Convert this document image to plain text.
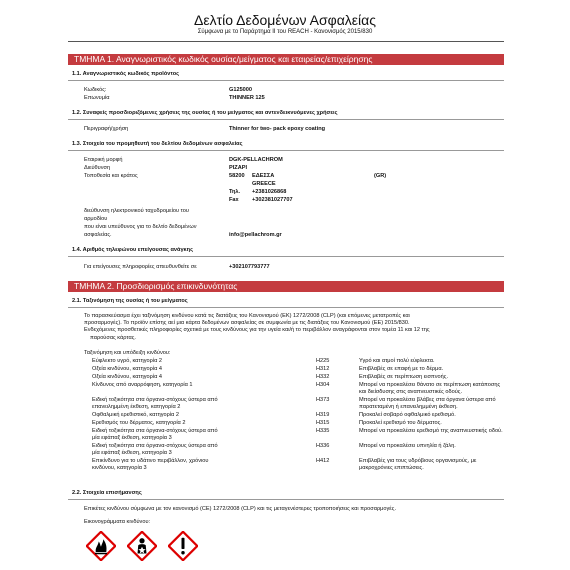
Δελτίο Δεδομένων Ασφαλείας
Σύμφωνα με το Παράρτημα II του REACH - Κανονισμός 2015/830
ΤΜΗΜΑ 1. Αναγνωριστικός κωδικός ουσίας/μείγματος και εταιρείας/επιχείρησης
1.1. Αναγνωριστικός κωδικός προϊόντος
Κωδικός:	G125000
Επωνυμία	THINNER 125
1.2. Συναφείς προσδιοριζόμενες χρήσεις της ουσίας ή του μείγματος και αντενδεικνυόμενες χρήσεις
Περιγραφή/χρήση	Thinner for two- pack epoxy coating
1.3. Στοιχεία του προμηθευτή του δελτίου δεδομένων ασφαλείας
Εταιρική μορφή	DGK-PELLACHROM
Διεύθυνση	PIZAPI
Τοποθεσία και κράτος	58200 ΕΔΕΣΣΑ	(GR)
GREECE
Τηλ. +2381026868
Fax +302381027707
διεύθυνση ηλεκτρονικού ταχυδρομείου του
αρμοδίου
που είναι υπεύθυνος για το δελτίο δεδομένων
ασφαλείας.	info@pellachrom.gr
1.4. Αριθμός τηλεφώνου επείγουσας ανάγκης
Για επείγουσες πληροφορίες απευθυνθείτε σε	+302107793777
ΤΜΗΜΑ 2. Προσδιορισμός επικινδυνότητας
2.1. Ταξινόμηση της ουσίας ή του μείγματος
Το παρασκεύασμα έχει ταξινόμηση κινδύνου κατά τις διατάξεις του Κανονισμού (ΕΚ) 1272/2008 (CLP) (και επόμενες μετατροπές και
προσαρμογές). Το προϊόν επίσης αεί μια κάρτα δεδομένων ασφαλείας σε συμφωνία με τις διατάξεις του Κανονισμού (ΕΕ) 2015/830.
Ενδεχόμενες προσθετικές πληροφορίες σχετικά με τους κινδύνους για την υγεία και/ή το περιβάλλον αναγράφονται στον τομέα 11 και 12 της
παρούσας κάρτας.
Ταξινόμηση και υπόδειξη κινδύνου:
Εύφλεκτο υγρό, κατηγορία 2	H225	Υγρό και ατμοί πολύ εύφλεκτα.
Οξεία κινδύνου, κατηγορία 4	H312	Επιβλαβές σε επαφή με το δέρμα.
Οξεία κινδύνου, κατηγορία 4	H332	Επιβλαβές σε περίπτωση εισπνοής.
Κίνδυνος από αναρρόφηση, κατηγορία 1	H304	Μπορεί να προκαλέσει θάνατο σε περίπτωση κατάποσης
και διείσδυσης στις αναπνευστικές οδούς.
Ειδική τοξικότητα στα όργανα-στόχους ύστερα από
επανειλημμένη έκθεση, κατηγορία 2
H373	Μπορεί να προκαλέσει βλάβες στα όργανα ύστερα από
παρατεταμένη ή επανειλημμένη έκθεση.
Οφθαλμική ερεθιστικό, κατηγορία 2	H319	Προκαλεί σοβαρό οφθαλμικό ερεθισμό.
Ερεθισμός του δέρματος, κατηγορία 2	H315	Προκαλεί ερεθισμό του δέρματος.
Ειδική τοξικότητα στα όργανα-στόχους ύστερα από
μία εφάπαξ έκθεση, κατηγορία 3
H335	Μπορεί να προκαλέσει ερεθισμό της αναπνευστικής οδού.
Ειδική τοξικότητα στα όργανα-στόχους ύστερα από
μία εφάπαξ έκθεση, κατηγορία 3
H336	Μπορεί να προκαλέσει υπνηλία ή ζάλη.
Επικίνδυνο για το υδάτινο περιβάλλον, χρόνιου
κινδύνου, κατηγορία 3
H412	Επιβλαβές για τους υδρόβιους οργανισμούς, με
μακροχρόνιες επιπτώσεις.
2.2. Στοιχεία επισήμανσης
Επικέτες κινδύνου σύμφωνα με τον κανονισμό (CE) 1272/2008 (CLP) και τις μεταγενέστερες τροποποιήσεις και προσαρμογές.
Εικονογράμματα κινδύνου:
